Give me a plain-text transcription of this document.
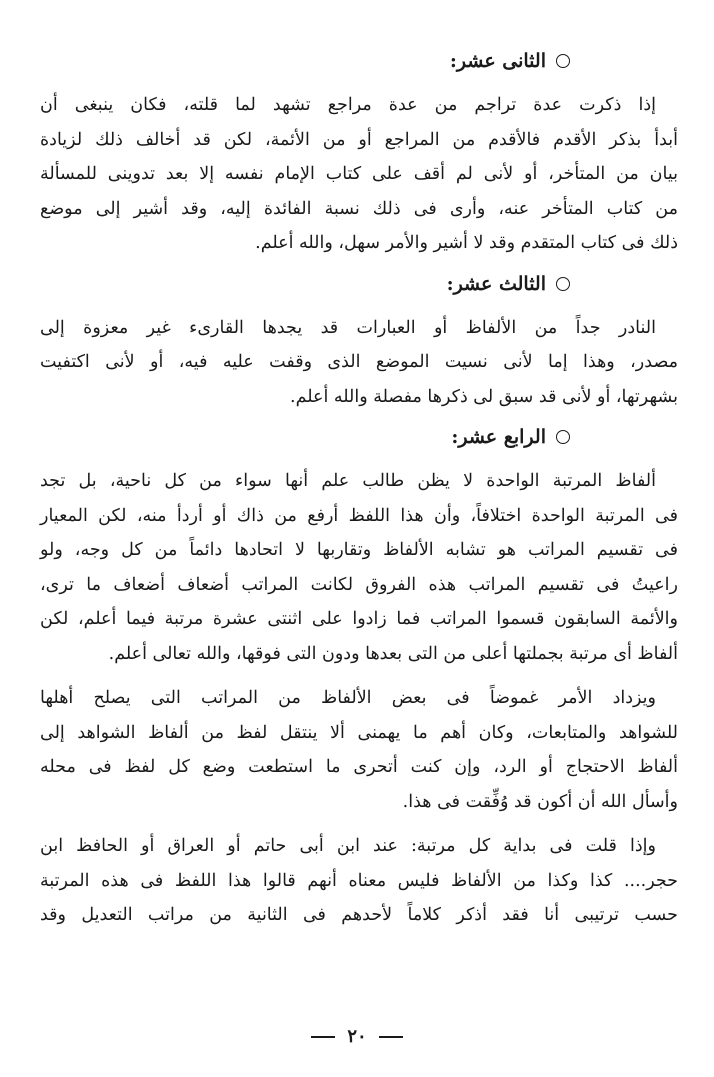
الثانى عشر:
إذا ذكرت عدة تراجم من عدة مراجع تشهد لما قلته، فكان ينبغى أن
أبدأ بذكر الأقدم فالأقدم من المراجع أو من الأئمة، لكن قد أخالف ذلك لزيادة
بيان من المتأخر، أو لأنى لم أقف على كتاب الإمام نفسه إلا بعد تدوينى للمسألة
من كتاب المتأخر عنه، وأرى فى ذلك نسبة الفائدة إليه، وقد أشير إلى موضع
ذلك فى كتاب المتقدم وقد لا أشير والأمر سهل، والله أعلم.
الثالث عشر:
النادر جداً من الألفاظ أو العبارات قد يجدها القارىء غير معزوة إلى
مصدر، وهذا إما لأنى نسيت الموضع الذى وقفت عليه فيه، أو لأنى اكتفيت
بشهرتها، أو لأنى قد سبق لى ذكرها مفصلة والله أعلم.
الرابع عشر:
ألفاظ المرتبة الواحدة لا يظن طالب علم أنها سواء من كل ناحية، بل تجد
فى المرتبة الواحدة اختلافاً، وأن هذا اللفظ أرفع من ذاك أو أردأ منه، لكن المعيار
فى تقسيم المراتب هو تشابه الألفاظ وتقاربها لا اتحادها دائماً من كل وجه، ولو
راعيتُ فى تقسيم المراتب هذه الفروق لكانت المراتب أضعاف أضعاف ما ترى،
والأئمة السابقون قسموا المراتب فما زادوا على اثنتى عشرة مرتبة فيما أعلم، لكن
ألفاظ أى مرتبة بجملتها أعلى من التى بعدها ودون التى فوقها، والله تعالى أعلم.
ويزداد الأمر غموضاً فى بعض الألفاظ من المراتب التى يصلح أهلها
للشواهد والمتابعات، وكان أهم ما يهمنى ألا ينتقل لفظ من ألفاظ الشواهد إلى
ألفاظ الاحتجاج أو الرد، وإن كنت أتحرى ما استطعت وضع كل لفظ فى محله
وأسأل الله أن أكون قد وُفِّقت فى هذا.
وإذا قلت فى بداية كل مرتبة: عند ابن أبى حاتم أو العراق أو الحافظ ابن
حجر.... كذا وكذا من الألفاظ فليس معناه أنهم قالوا هذا اللفظ فى هذه المرتبة
حسب ترتيبى أنا فقد أذكر كلاماً لأحدهم فى الثانية من مراتب التعديل وقد
٢٠
